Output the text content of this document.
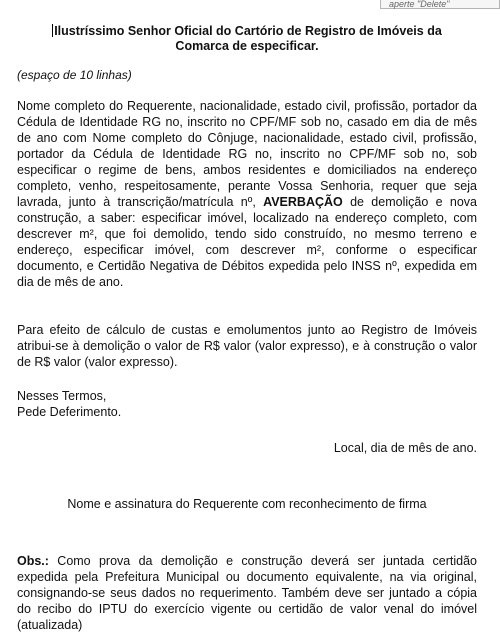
aperte "Delete"
Ilustríssimo Senhor Oficial do Cartório de Registro de Imóveis da Comarca de especificar.
(espaço de 10 linhas)

Nome completo do Requerente, nacionalidade, estado civil, profissão, portador da Cédula de Identidade RG no, inscrito no CPF/MF sob no, casado em dia de mês de ano com Nome completo do Cônjuge, nacionalidade, estado civil, profissão, portador da Cédula de Identidade RG no, inscrito no CPF/MF sob no, sob especificar o regime de bens, ambos residentes e domiciliados na endereço completo, venho, respeitosamente, perante Vossa Senhoria, requer que seja lavrada, junto à transcrição/matrícula nº, AVERBAÇÃO de demolição e nova construção, a saber: especificar imóvel, localizado na endereço completo, com descrever m², que foi demolido, tendo sido construído, no mesmo terreno e endereço, especificar imóvel, com descrever m², conforme o especificar documento, e Certidão Negativa de Débitos expedida pelo INSS nº, expedida em dia de mês de ano.

Para efeito de cálculo de custas e emolumentos junto ao Registro de Imóveis atribui-se à demolição o valor de R$ valor (valor expresso), e à construção o valor de R$ valor (valor expresso).

Nesses Termos,
Pede Deferimento.

Local, dia de mês de ano.

Nome e assinatura do Requerente com reconhecimento de firma

Obs.: Como prova da demolição e construção deverá ser juntada certidão expedida pela Prefeitura Municipal ou documento equivalente, na via original, consignando-se seus dados no requerimento. Também deve ser juntado a cópia do recibo do IPTU do exercício vigente ou certidão de valor venal do imóvel (atualizada)
